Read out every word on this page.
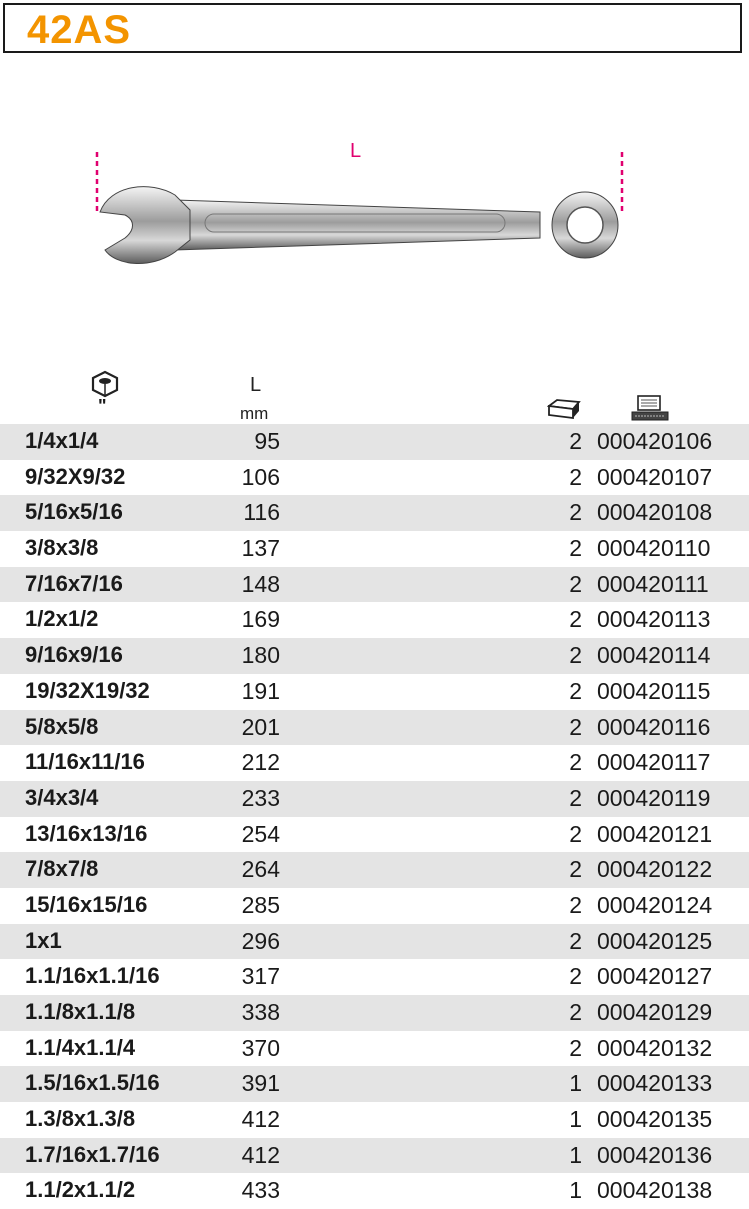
42AS
L
"
L
mm
1/4x1/4	95	2 000420106
9/32X9/32	106	2 000420107
5/16x5/16	116	2 000420108
3/8x3/8	137	2 000420110
7/16x7/16	148	2 000420111
1/2x1/2	169	2 000420113
9/16x9/16	180	2 000420114
19/32X19/32	191	2 000420115
5/8x5/8	201	2 000420116
11/16x11/16	212	2 000420117
3/4x3/4	233	2 000420119
13/16x13/16	254	2 000420121
7/8x7/8	264	2 000420122
15/16x15/16	285	2 000420124
1x1	296	2 000420125
1.1/16x1.1/16	317	2 000420127
1.1/8x1.1/8	338	2 000420129
1.1/4x1.1/4	370	2 000420132
1.5/16x1.5/16	391	1 000420133
1.3/8x1.3/8	412	1 000420135
1.7/16x1.7/16	412	1 000420136
1.1/2x1.1/2	433	1 000420138
